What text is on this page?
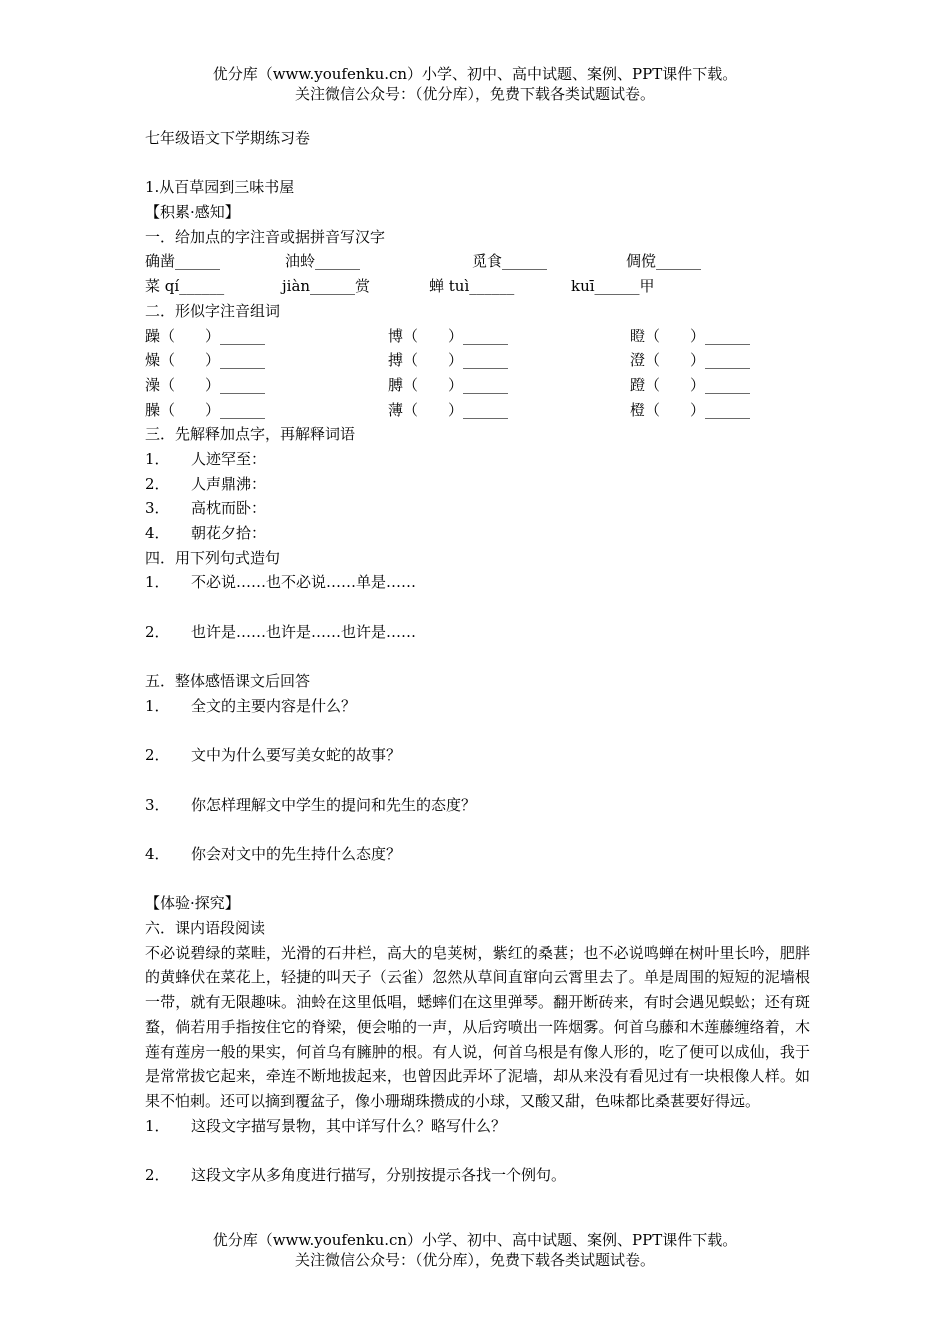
优分库（www.youfenku.cn）小学、初中、高中试题、案例、PPT课件下载。
关注微信公众号：（优分库），免费下载各类试题试卷。
七年级语文下学期练习卷
1.从百草园到三味书屋
【积累·感知】
一．给加点的字注音或据拼音写汉字
确凿______	油蛉______	觅食______	倜傥______
菜 qí______	jiàn______赏	蝉 tuì______	kuī______甲
二．形似字注音组词
躁（　　）______	博（　　）______	瞪（　　）______
燥（　　）______	搏（　　）______	澄（　　）______
澡（　　）______	膊（　　）______	蹬（　　）______
臊（　　）______	薄（　　）______	橙（　　）______
三．先解释加点字，再解释词语
1． 人迹罕至：
2． 人声鼎沸：
3． 高枕而卧：
4． 朝花夕拾：
四．用下列句式造句
1． 不必说……也不必说……单是……
2． 也许是……也许是……也许是……
五．整体感悟课文后回答
1． 全文的主要内容是什么？
2． 文中为什么要写美女蛇的故事？
3． 你怎样理解文中学生的提问和先生的态度？
4． 你会对文中的先生持什么态度？
【体验·探究】
六．课内语段阅读
不必说碧绿的菜畦，光滑的石井栏，高大的皂荚树，紫红的桑葚；也不必说鸣蝉在树叶里长吟，肥胖的黄蜂伏在菜花上，轻捷的叫天子（云雀）忽然从草间直窜向云霄里去了。单是周围的短短的泥墙根一带，就有无限趣味。油蛉在这里低唱，蟋蟀们在这里弹琴。翻开断砖来，有时会遇见蜈蚣；还有斑蝥，倘若用手指按住它的脊梁，便会啪的一声，从后窍喷出一阵烟雾。何首乌藤和木莲藤缠络着，木莲有莲房一般的果实，何首乌有臃肿的根。有人说，何首乌根是有像人形的，吃了便可以成仙，我于是常常拔它起来，牵连不断地拔起来，也曾因此弄坏了泥墙，却从来没有看见过有一块根像人样。如果不怕刺。还可以摘到覆盆子，像小珊瑚珠攒成的小球，又酸又甜，色味都比桑葚要好得远。
1． 这段文字描写景物，其中详写什么？略写什么？
2． 这段文字从多角度进行描写，分别按提示各找一个例句。
优分库（www.youfenku.cn）小学、初中、高中试题、案例、PPT课件下载。
关注微信公众号：（优分库），免费下载各类试题试卷。
